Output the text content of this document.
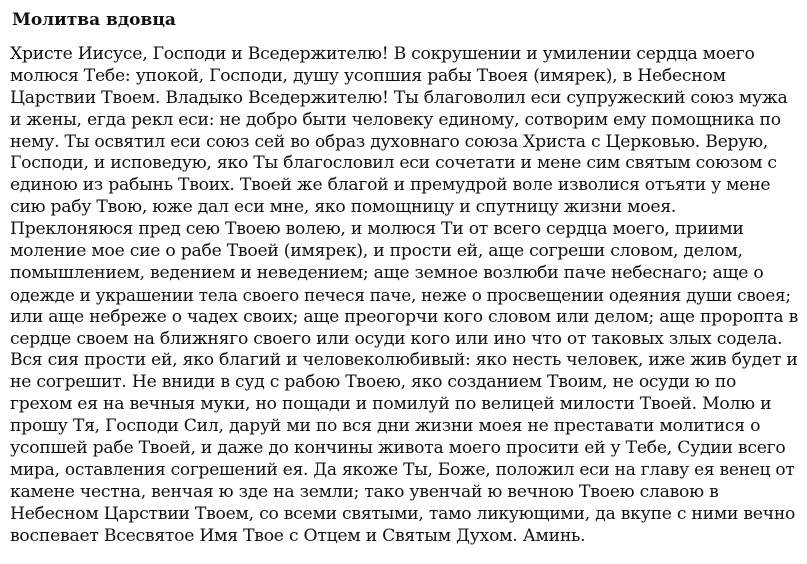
Молитва вдовца
Христе Иисусе, Господи и Вседержителю! В сокрушении и умилении сердца моего
молюся Тебе: упокой, Господи, душу усопшия рабы Твоея (имярек), в Небесном
Царствии Твоем. Владыко Вседержителю! Ты благоволил еси супружеский союз мужа
и жены, егда рекл еси: не добро быти человеку единому, сотворим ему помощника по
нему. Ты освятил еси союз сей во образ духовнаго союза Христа с Церковью. Верую,
Господи, и исповедую, яко Ты благословил еси сочетати и мене сим святым союзом с
единою из рабынь Твоих. Твоей же благой и премудрой воле изволися отъяти у мене
сию рабу Твою, юже дал еси мне, яко помощницу и спутницу жизни моея.
Преклоняюся пред сею Твоею волею, и молюся Ти от всего сердца моего, приими
моление мое сие о рабе Твоей (имярек), и прости ей, аще согреши словом, делом,
помышлением, ведением и неведением; аще земное возлюби паче небеснаго; аще о
одежде и украшении тела своего печеся паче, неже о просвещении одеяния души своея;
или аще небреже о чадех своих; аще преогорчи кого словом или делом; аще проропта в
сердце своем на ближняго своего или осуди кого или ино что от таковых злых содела.
Вся сия прости ей, яко благий и человеколюбивый: яко несть человек, иже жив будет и
не согрешит. Не вниди в суд с рабою Твоею, яко созданием Твоим, не осуди ю по
грехом ея на вечныя муки, но пощади и помилуй по велицей милости Твоей. Молю и
прошу Тя, Господи Сил, даруй ми по вся дни жизни моея не преставати молитися о
усопшей рабе Твоей, и даже до кончины живота моего просити ей у Тебе, Судии всего
мира, оставления согрешений ея. Да якоже Ты, Боже, положил еси на главу ея венец от
камене честна, венчая ю зде на земли; тако увенчай ю вечною Твоею славою в
Небесном Царствии Твоем, со всеми святыми, тамо ликующими, да вкупе с ними вечно
воспевает Всесвятое Имя Твое с Отцем и Святым Духом. Аминь.
